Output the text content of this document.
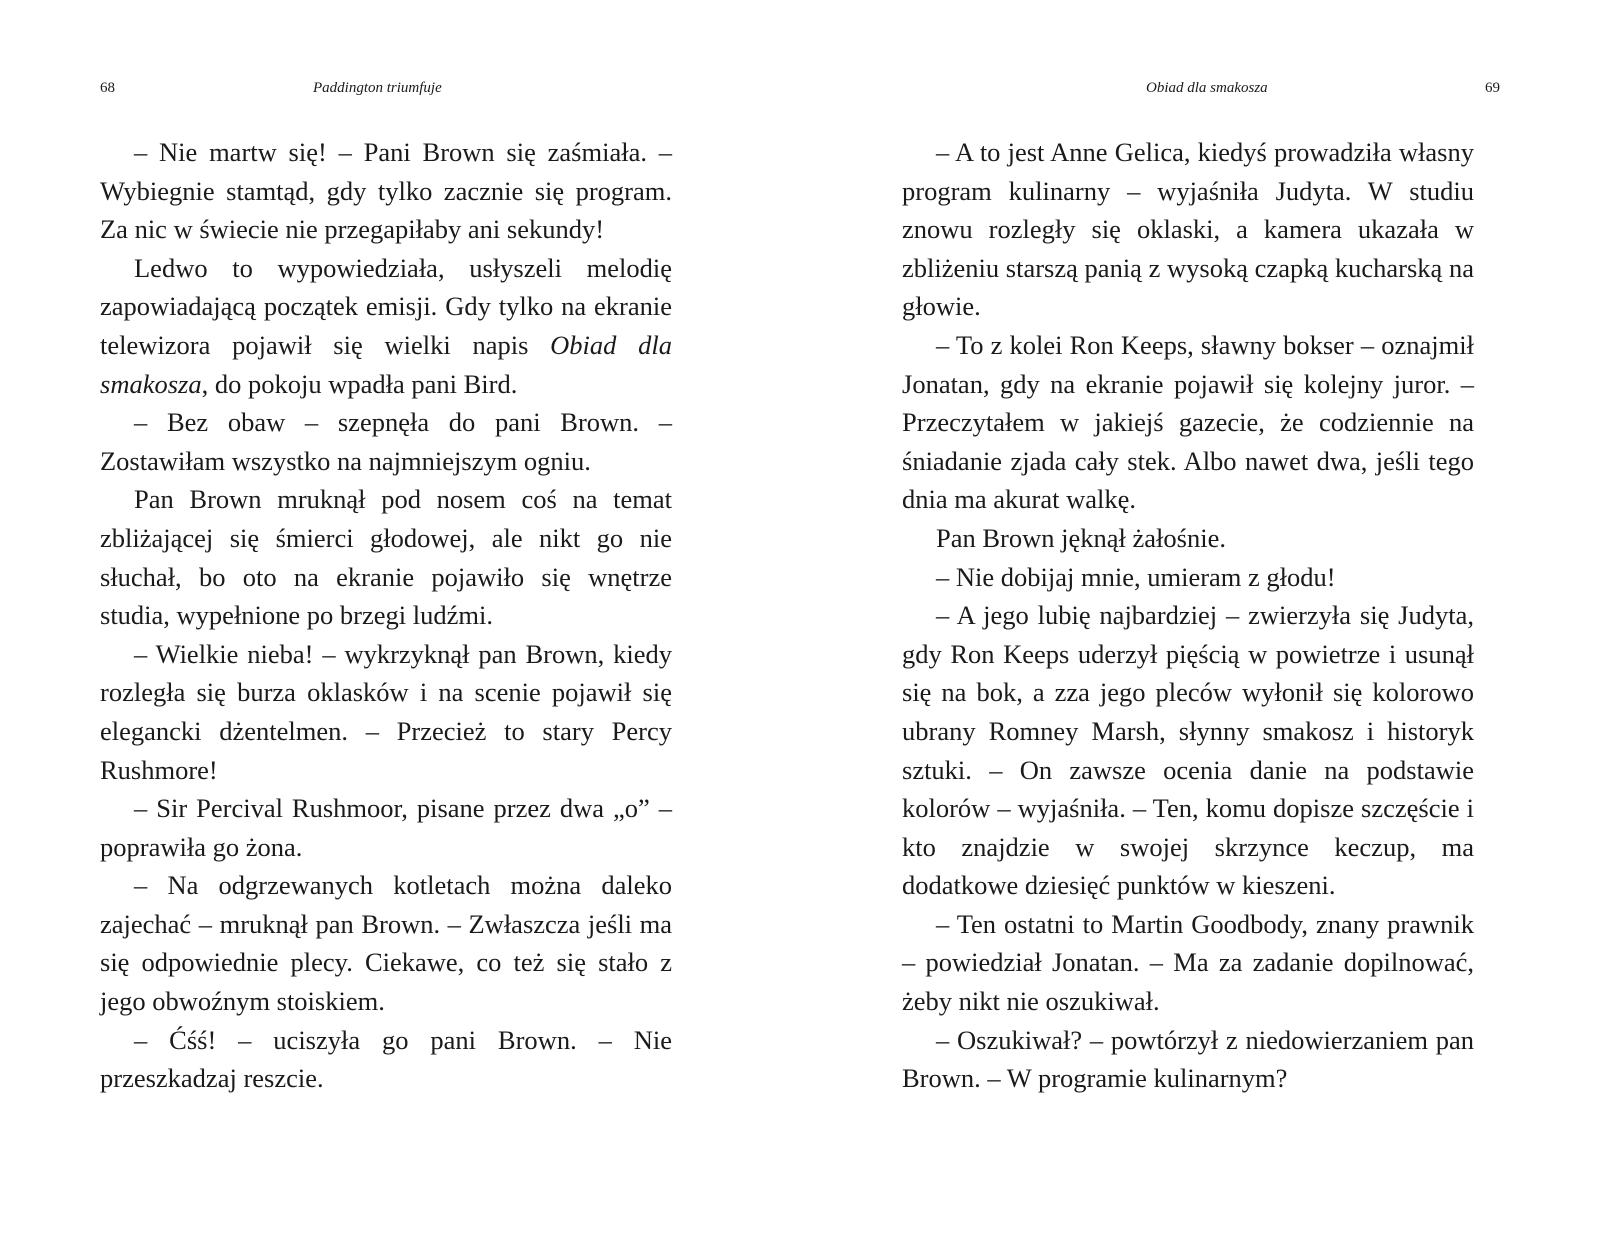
68	Paddington triumfuje

– Nie martw się! – Pani Brown się zaśmiała. – Wybiegnie stamtąd, gdy tylko zacznie się program. Za nic w świecie nie przegapiłaby ani sekundy!

Ledwo to wypowiedziała, usłyszeli melodię zapowiadającą początek emisji. Gdy tylko na ekranie telewizora pojawił się wielki napis Obiad dla smakosza, do pokoju wpadła pani Bird.

– Bez obaw – szepnęła do pani Brown. – Zostawiłam wszystko na najmniejszym ogniu.

Pan Brown mruknął pod nosem coś na temat zbliżającej się śmierci głodowej, ale nikt go nie słuchał, bo oto na ekranie pojawiło się wnętrze studia, wypełnione po brzegi ludźmi.

– Wielkie nieba! – wykrzyknął pan Brown, kiedy rozległa się burza oklasków i na scenie pojawił się elegancki dżentelmen. – Przecież to stary Percy Rushmore!

– Sir Percival Rushmoor, pisane przez dwa „o” – poprawiła go żona.

– Na odgrzewanych kotletach można daleko zajechać – mruknął pan Brown. – Zwłaszcza jeśli ma się odpowiednie plecy. Ciekawe, co też się stało z jego obwoźnym stoiskiem.

– Ćśś! – uciszyła go pani Brown. – Nie przeszkadzaj reszcie.

Obiad dla smakosza	69

– A to jest Anne Gelica, kiedyś prowadziła własny program kulinarny – wyjaśniła Judyta. W studiu znowu rozległy się oklaski, a kamera ukazała w zbliżeniu starszą panią z wysoką czapką kucharską na głowie.

– To z kolei Ron Keeps, sławny bokser – oznajmił Jonatan, gdy na ekranie pojawił się kolejny juror. – Przeczytałem w jakiejś gazecie, że codziennie na śniadanie zjada cały stek. Albo nawet dwa, jeśli tego dnia ma akurat walkę.

Pan Brown jęknął żałośnie.

– Nie dobijaj mnie, umieram z głodu!

– A jego lubię najbardziej – zwierzyła się Judyta, gdy Ron Keeps uderzył pięścią w powietrze i usunął się na bok, a zza jego pleców wyłonił się kolorowo ubrany Romney Marsh, słynny smakosz i historyk sztuki. – On zawsze ocenia danie na podstawie kolorów – wyjaśniła. – Ten, komu dopisze szczęście i kto znajdzie w swojej skrzynce keczup, ma dodatkowe dziesięć punktów w kieszeni.

– Ten ostatni to Martin Goodbody, znany prawnik – powiedział Jonatan. – Ma za zadanie dopilnować, żeby nikt nie oszukiwał.

– Oszukiwał? – powtórzył z niedowierzaniem pan Brown. – W programie kulinarnym?
